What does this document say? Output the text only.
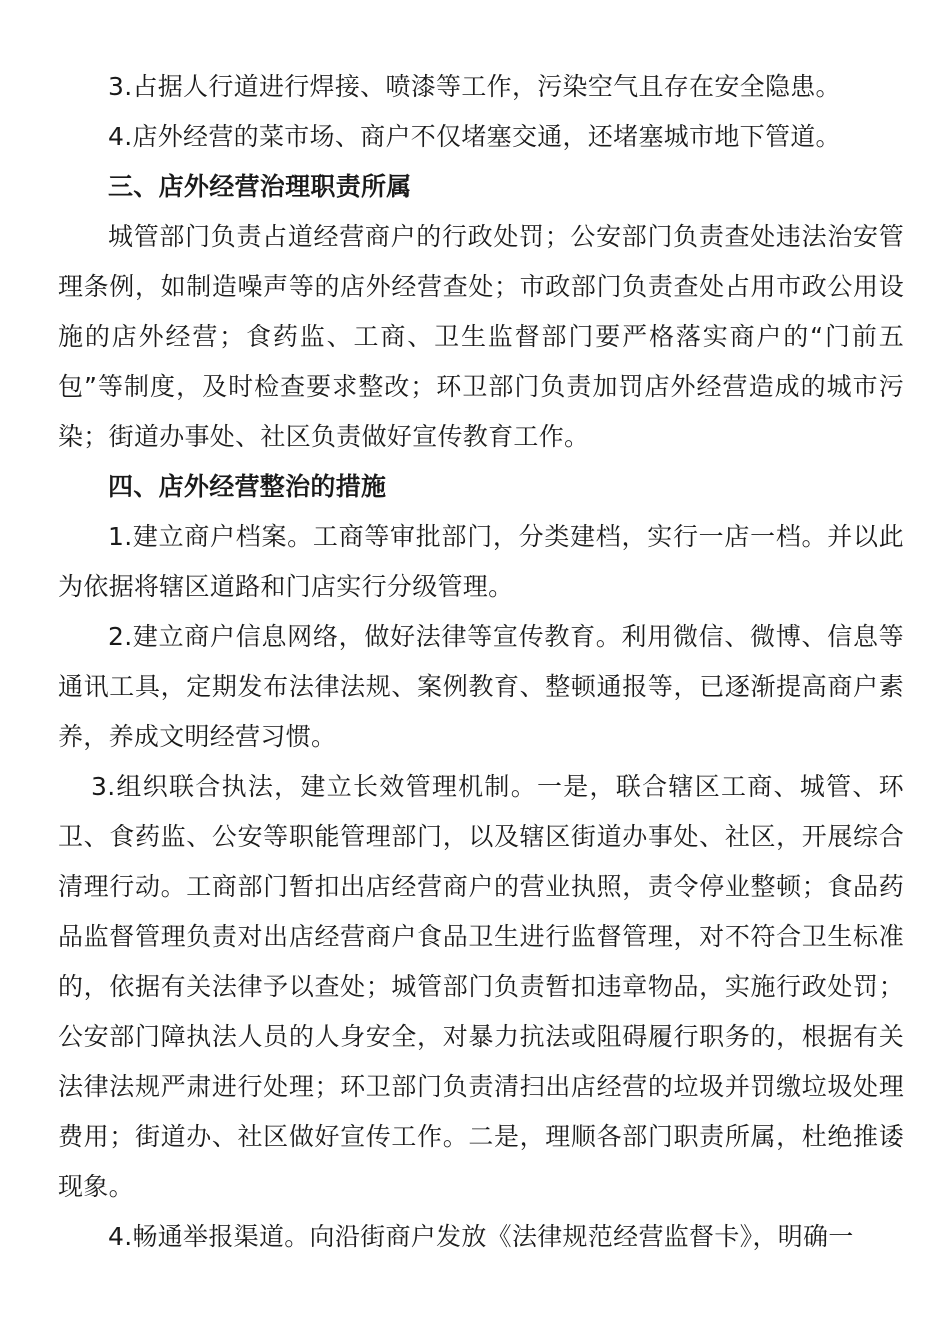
3.占据人行道进行焊接、喷漆等工作，污染空气且存在安全隐患。

4.店外经营的菜市场、商户不仅堵塞交通，还堵塞城市地下管道。

三、店外经营治理职责所属

城管部门负责占道经营商户的行政处罚；公安部门负责查处违法治安管理条例，如制造噪声等的店外经营查处；市政部门负责查处占用市政公用设施的店外经营；食药监、工商、卫生监督部门要严格落实商户的“门前五包”等制度，及时检查要求整改；环卫部门负责加罚店外经营造成的城市污染；街道办事处、社区负责做好宣传教育工作。

四、店外经营整治的措施

1.建立商户档案。工商等审批部门，分类建档，实行一店一档。并以此为依据将辖区道路和门店实行分级管理。

2.建立商户信息网络，做好法律等宣传教育。利用微信、微博、信息等通讯工具，定期发布法律法规、案例教育、整顿通报等，已逐渐提高商户素养，养成文明经营习惯。

3.组织联合执法，建立长效管理机制。一是，联合辖区工商、城管、环卫、食药监、公安等职能管理部门，以及辖区街道办事处、社区，开展综合清理行动。工商部门暂扣出店经营商户的营业执照，责令停业整顿；食品药品监督管理负责对出店经营商户食品卫生进行监督管理，对不符合卫生标准的，依据有关法律予以查处；城管部门负责暂扣违章物品，实施行政处罚；公安部门障执法人员的人身安全，对暴力抗法或阻碍履行职务的，根据有关法律法规严肃进行处理；环卫部门负责清扫出店经营的垃圾并罚缴垃圾处理费用；街道办、社区做好宣传工作。二是，理顺各部门职责所属，杜绝推诿现象。

4.畅通举报渠道。向沿街商户发放《法律规范经营监督卡》，明确一
